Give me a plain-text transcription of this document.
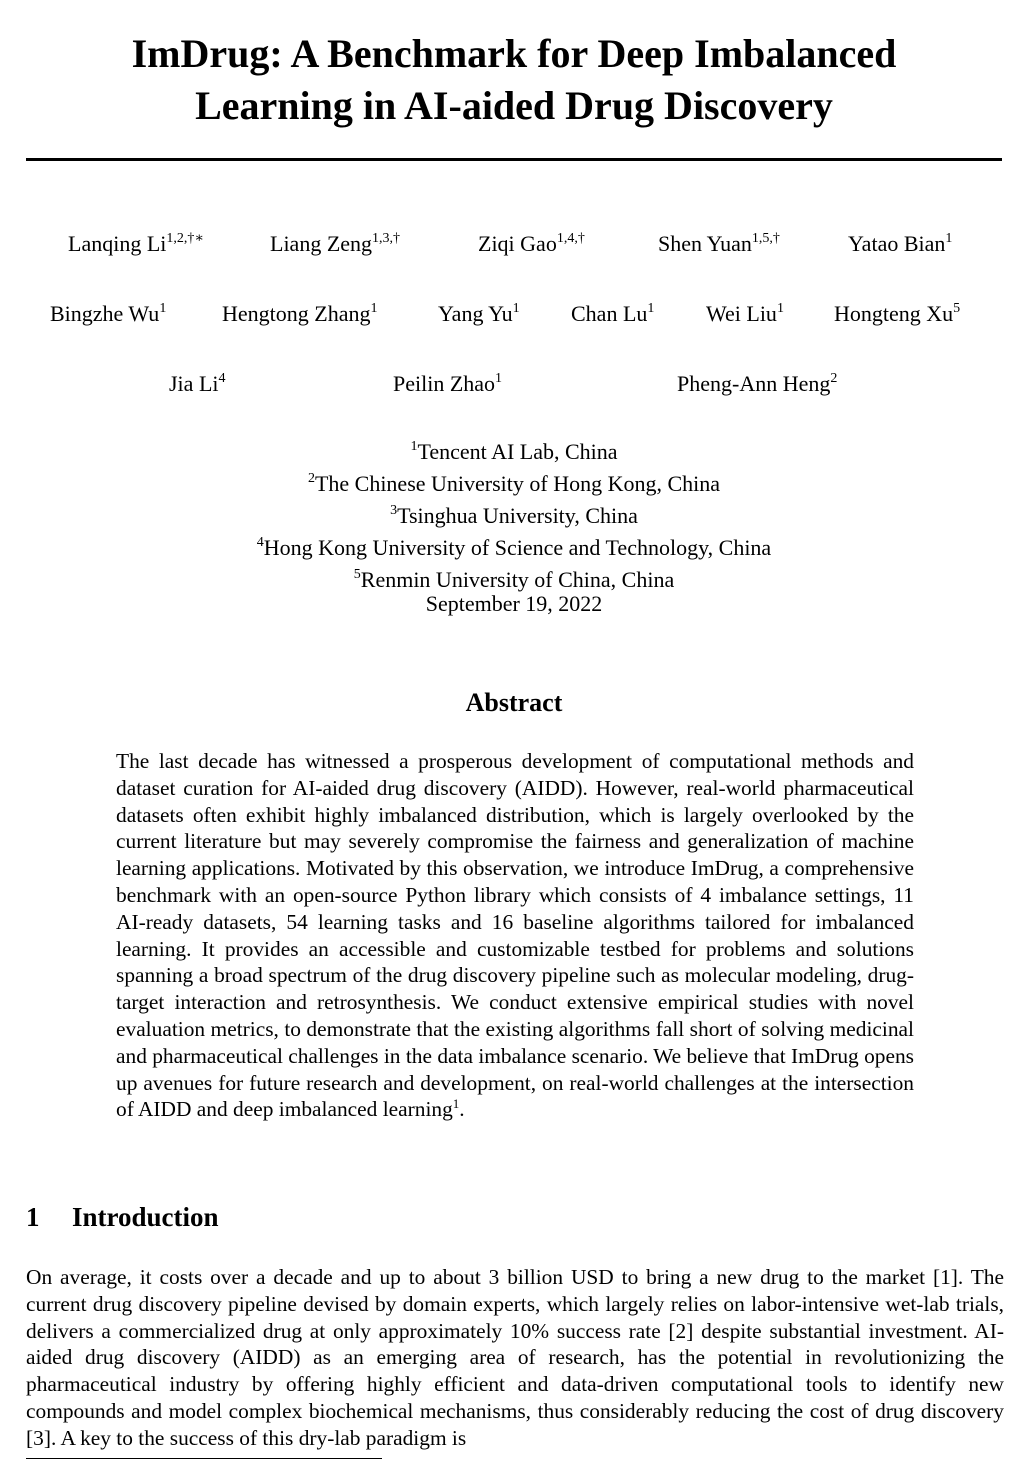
ImDrug: A Benchmark for Deep Imbalanced
Learning in AI-aided Drug Discovery
Lanqing $Li^{1,2,\dagger∗}$	Liang Zeng$^{1,3,\dagger}$	Ziqi Gao$^{1,4,\dagger}$	Shen Yuan$^{1,5,\dagger}$	Yatao Bian$^1$
Bingzhe Wu$^1$	Hengtong Zhang$^1$	Yang Yu$^1$ Chan Lu$^1$ Wei Liu$^1$ Hongteng Xu$^5$
Jia Li$^4$	Peilin Zhao$^1$	Pheng-Ann Heng$^2$
$^1$Tencent AI Lab, China
$^2$The Chinese University of Hong Kong, China
$^3$Tsinghua University, China
$^4$Hong Kong University of Science and Technology, China
$^5$Renmin University of China, China
September 19, 2022
Abstract
The last decade has witnessed a prosperous development of computational methods and dataset curation for AI-aided drug discovery (AIDD). However, real-world pharmaceutical datasets often exhibit highly imbalanced distribution, which is largely overlooked by the current literature but may severely compromise the fairness and generalization of machine learning applications. Motivated by this observation, we introduce ImDrug, a comprehensive benchmark with an open-source Python library which consists of 4 imbalance settings, 11 AI-ready datasets, 54 learning tasks and 16 baseline algorithms tailored for imbalanced learning. It provides an accessible and customizable testbed for problems and solutions spanning a broad spectrum of the drug discovery pipeline such as molecular modeling, drug-target interaction and retrosynthesis. We conduct extensive empirical studies with novel evaluation metrics, to demonstrate that the existing algorithms fall short of solving medicinal and pharmaceutical challenges in the data imbalance scenario. We believe that ImDrug opens up avenues for future research and development, on real-world challenges at the intersection of AIDD and deep imbalanced learning$^1$.
1 Introduction
On average, it costs over a decade and up to about 3 billion USD to bring a new drug to the market [1]. The current drug discovery pipeline devised by domain experts, which largely relies on labor-intensive wet-lab trials, delivers a commercialized drug at only approximately 10% success rate [2] despite substantial investment. AI-aided drug discovery (AIDD) as an emerging area of research, has the potential in revolutionizing the pharmaceutical industry by offering highly efficient and data-driven computational tools to identify new compounds and model complex biochemical mechanisms, thus considerably reducing the cost of drug discovery [3]. A key to the success of this dry-lab paradigm is
